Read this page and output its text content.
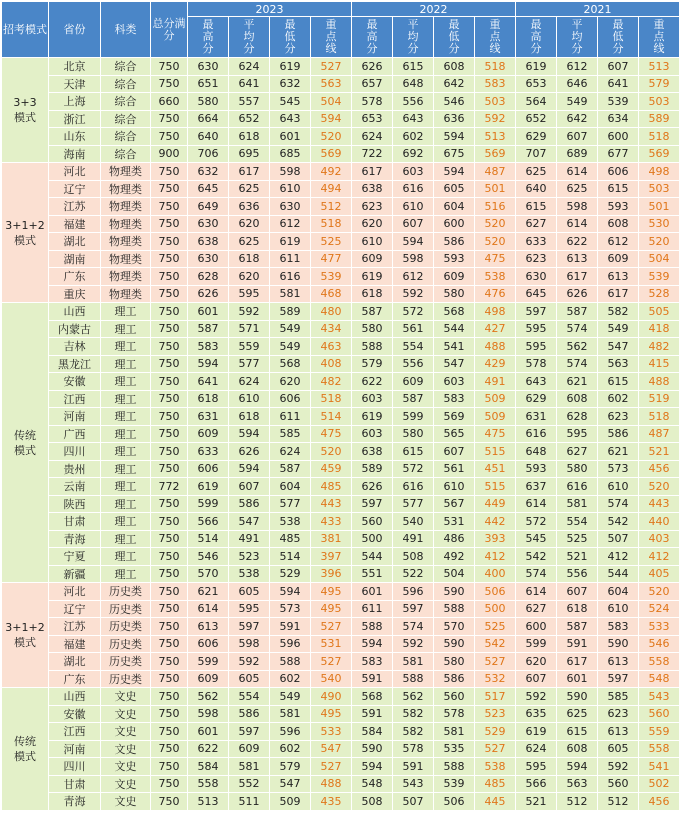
招考模式	省份	科类	总分满分	2023				2022				2021			
				最
高
分	平
均
分	最
低
分	重
点
线	最
高
分	平
均
分	最
低
分	重
点
线	最
高
分	平
均
分	最
低
分	重
点
线
3+3
模式	北京	综合	750	630	624	619	527	626	615	608	518	619	612	607	513
	天津	综合	750	651	641	632	563	657	648	642	583	653	646	641	579
	上海	综合	660	580	557	545	504	578	556	546	503	564	549	539	503
	浙江	综合	750	664	652	643	594	653	643	636	592	652	642	634	589
	山东	综合	750	640	618	601	520	624	602	594	513	629	607	600	518
	海南	综合	900	706	695	685	569	722	692	675	569	707	689	677	569
3+1+2
模式	河北	物理类	750	632	617	598	492	617	603	594	487	625	614	606	498
	辽宁	物理类	750	645	625	610	494	638	616	605	501	640	625	615	503
	江苏	物理类	750	649	636	630	512	623	610	604	516	615	598	593	501
	福建	物理类	750	630	620	612	518	620	607	600	520	627	614	608	530
	湖北	物理类	750	638	625	619	525	610	594	586	520	633	622	612	520
	湖南	物理类	750	630	618	611	477	609	598	593	475	623	613	609	504
	广东	物理类	750	628	620	616	539	619	612	609	538	630	617	613	539
	重庆	物理类	750	626	595	581	468	618	592	580	476	645	626	617	528
传统
模式	山西	理工	750	601	592	589	480	587	572	568	498	597	587	582	505
	内蒙古	理工	750	587	571	549	434	580	561	544	427	595	574	549	418
	吉林	理工	750	583	559	549	463	588	554	541	488	595	562	547	482
	黑龙江	理工	750	594	577	568	408	579	556	547	429	578	574	563	415
	安徽	理工	750	641	624	620	482	622	609	603	491	643	621	615	488
	江西	理工	750	618	610	606	518	603	587	583	509	629	608	602	519
	河南	理工	750	631	618	611	514	619	599	569	509	631	628	623	518
	广西	理工	750	609	594	585	475	603	580	565	475	616	595	586	487
	四川	理工	750	633	626	624	520	638	615	607	515	648	627	621	521
	贵州	理工	750	606	594	587	459	589	572	561	451	593	580	573	456
	云南	理工	772	619	607	604	485	626	616	610	515	637	616	610	520
	陕西	理工	750	599	586	577	443	597	577	567	449	614	581	574	443
	甘肃	理工	750	566	547	538	433	560	540	531	442	572	554	542	440
	青海	理工	750	514	491	485	381	500	491	486	393	545	525	507	403
	宁夏	理工	750	546	523	514	397	544	508	492	412	542	521	412	412
	新疆	理工	750	570	538	529	396	551	522	504	400	574	556	544	405
3+1+2
模式	河北	历史类	750	621	605	594	495	601	596	590	506	614	607	604	520
	辽宁	历史类	750	614	595	573	495	611	597	588	500	627	618	610	524
	江苏	历史类	750	613	597	591	527	588	574	570	525	600	587	583	533
	福建	历史类	750	606	598	596	531	594	592	590	542	599	591	590	546
	湖北	历史类	750	599	592	588	527	583	581	580	527	620	617	613	558
	广东	历史类	750	609	605	602	540	591	588	586	532	607	601	597	548
传统
模式	山西	文史	750	562	554	549	490	568	562	560	517	592	590	585	543
	安徽	文史	750	598	586	581	495	591	582	578	523	635	625	623	560
	江西	文史	750	601	597	596	533	584	582	581	529	619	615	613	559
	河南	文史	750	622	609	602	547	590	578	535	527	624	608	605	558
	四川	文史	750	584	581	579	527	594	591	588	538	595	594	592	541
	甘肃	文史	750	558	552	547	488	548	543	539	485	566	563	560	502
	青海	文史	750	513	511	509	435	508	507	506	445	521	512	512	456
